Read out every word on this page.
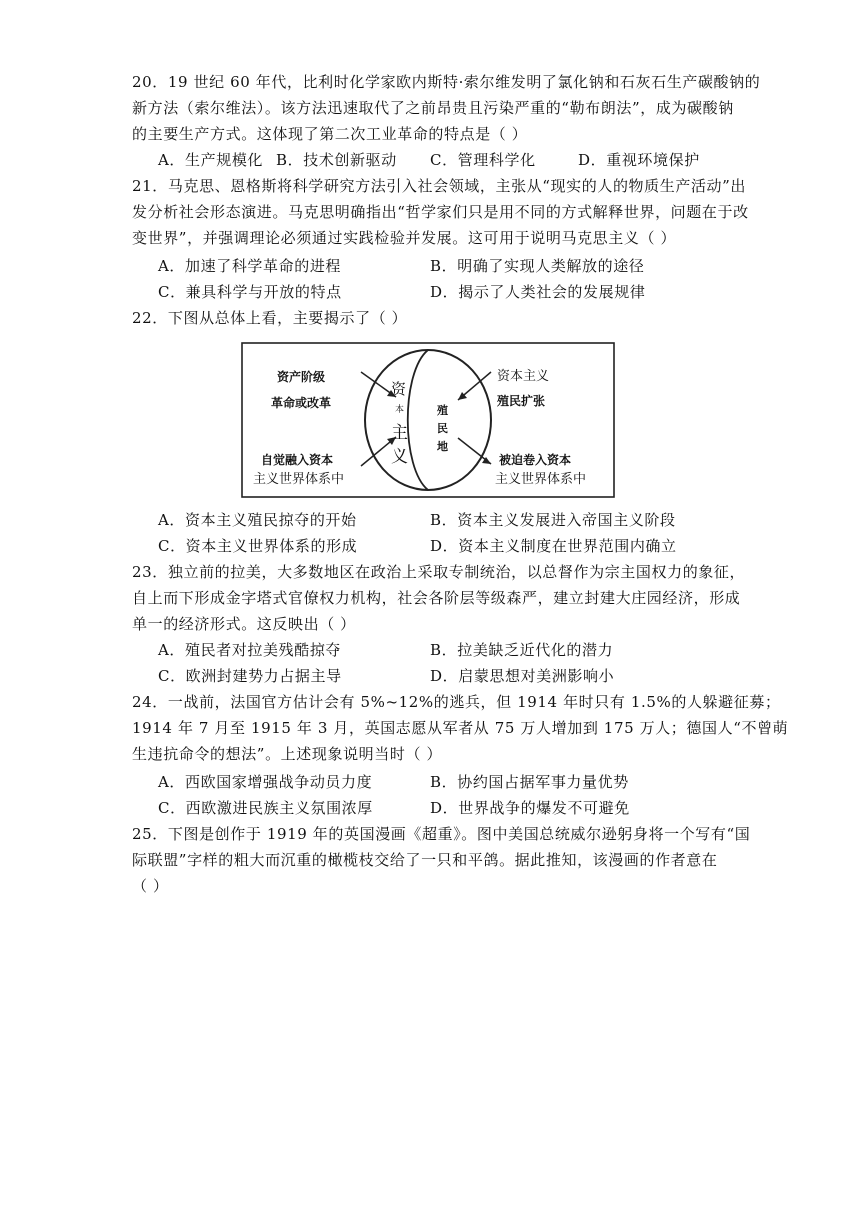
20．19 世纪 60 年代，比利时化学家欧内斯特·索尔维发明了氯化钠和石灰石生产碳酸钠的
新方法（索尔维法）。该方法迅速取代了之前昂贵且污染严重的“勒布朗法”，成为碳酸钠
的主要生产方式。这体现了第二次工业革命的特点是（ ）
A．生产规模化 B．技术创新驱动 C．管理科学化	D．重视环境保护
21．马克思、恩格斯将科学研究方法引入社会领域，主张从“现实的人的物质生产活动”出
发分析社会形态演进。马克思明确指出“哲学家们只是用不同的方式解释世界，问题在于改
变世界”，并强调理论必须通过实践检验并发展。这可用于说明马克思主义（ ）
A．加速了科学革命的进程	B．明确了实现人类解放的途径
C．兼具科学与开放的特点	D．揭示了人类社会的发展规律
22．下图从总体上看，主要揭示了（ ）
资产阶级
革命或改革
自觉融入资本
主义世界体系中
资本主义
殖民扩张
被迫卷入资本
主义世界体系中
资
本
主
义
殖
民
地
A．资本主义殖民掠夺的开始	B．资本主义发展进入帝国主义阶段
C．资本主义世界体系的形成	D．资本主义制度在世界范围内确立
23．独立前的拉美，大多数地区在政治上采取专制统治，以总督作为宗主国权力的象征，
自上而下形成金字塔式官僚权力机构，社会各阶层等级森严，建立封建大庄园经济，形成
单一的经济形式。这反映出（ ）
A．殖民者对拉美残酷掠夺	B．拉美缺乏近代化的潜力
C．欧洲封建势力占据主导	D．启蒙思想对美洲影响小
24．一战前，法国官方估计会有 5%~12%的逃兵，但 1914 年时只有 1.5%的人躲避征募；
1914 年 7 月至 1915 年 3 月，英国志愿从军者从 75 万人增加到 175 万人；德国人“不曾萌
生违抗命令的想法”。上述现象说明当时（ ）
A．西欧国家增强战争动员力度	B．协约国占据军事力量优势
C．西欧激进民族主义氛围浓厚	D．世界战争的爆发不可避免
25．下图是创作于 1919 年的英国漫画《超重》。图中美国总统威尔逊躬身将一个写有“国
际联盟”字样的粗大而沉重的橄榄枝交给了一只和平鸽。据此推知，该漫画的作者意在
（ ）
